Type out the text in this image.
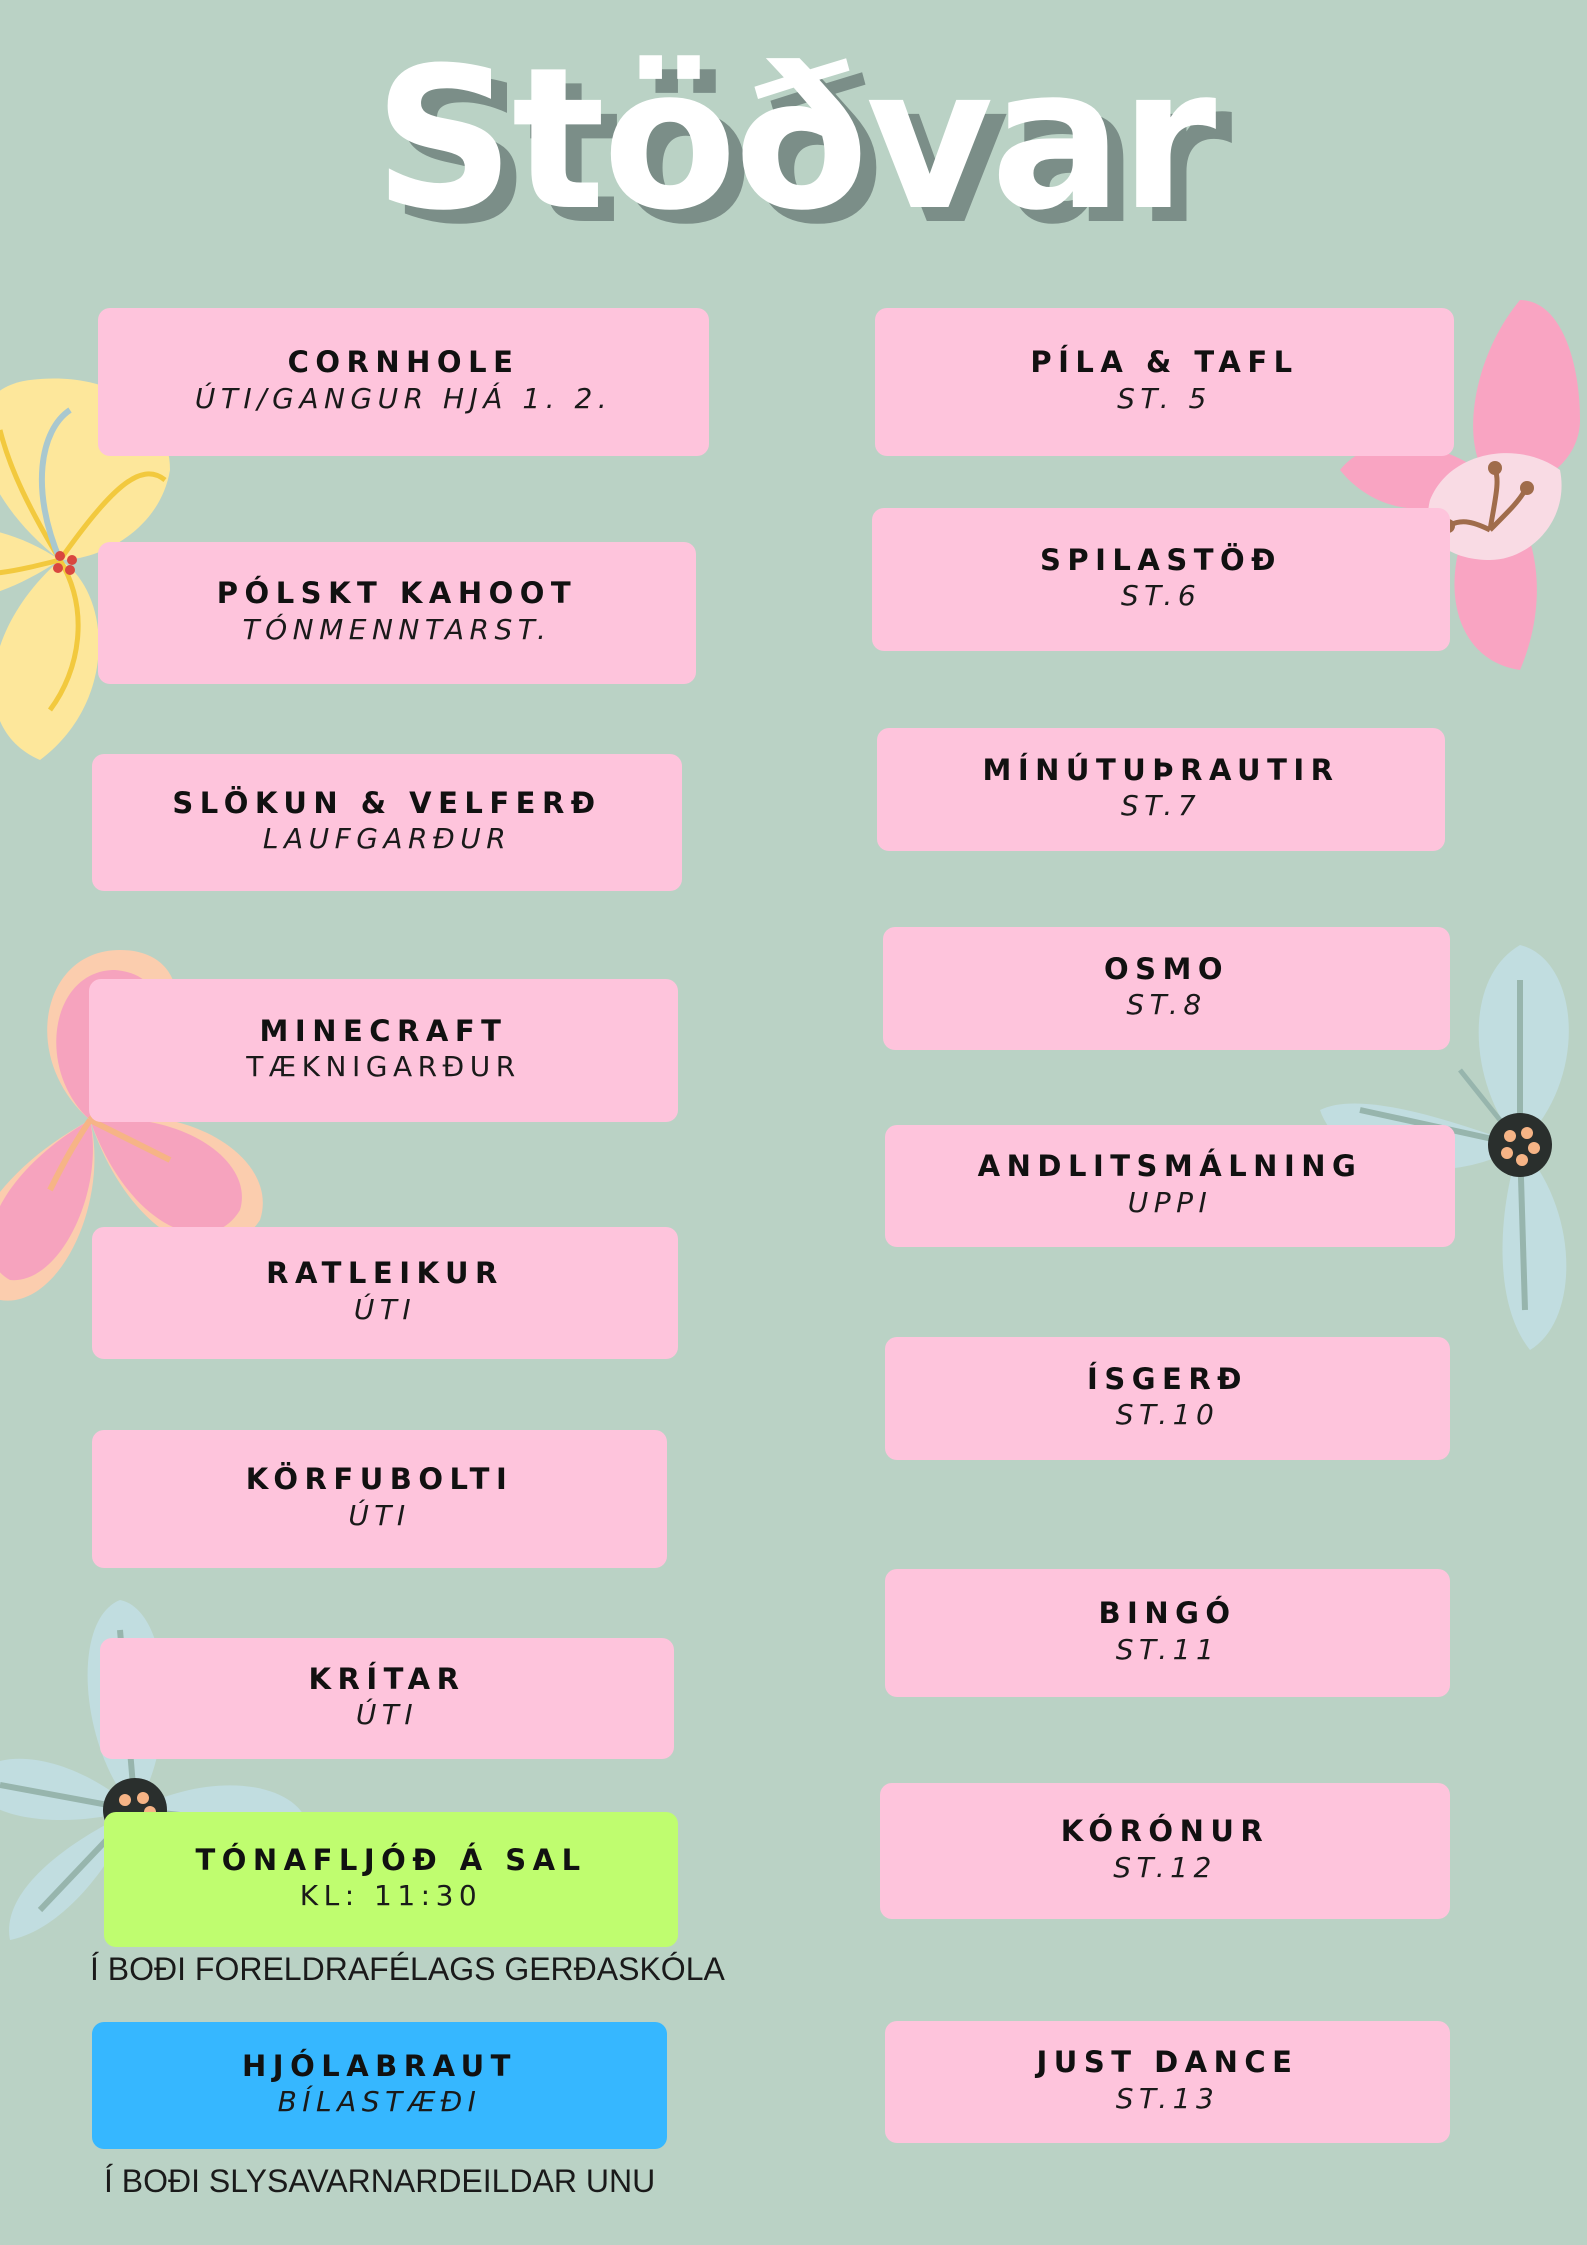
Stöðvar
CORNHOLE
ÚTI/GANGUR HJÁ 1. 2.
PÓLSKT KAHOOT
TÓNMENNTARST.
SLÖKUN & VELFERÐ
LAUFGARÐUR
MINECRAFT
TÆKNIGARÐUR
RATLEIKUR
ÚTI
KÖRFUBOLTI
ÚTI
KRÍTAR
ÚTI
TÓNAFLJÓÐ Á SAL
KL: 11:30
Í BOÐI FORELDRAFÉLAGS GERÐASKÓLA
HJÓLABRAUT
BÍLASTÆÐI
Í BOÐI SLYSAVARNARDEILDAR UNU
PÍLA & TAFL
ST. 5
SPILASTÖÐ
ST.6
MÍNÚTUÞRAUTIR
ST.7
OSMO
ST.8
ANDLITSMÁLNING
UPPI
ÍSGERÐ
ST.10
BINGÓ
ST.11
KÓRÓNUR
ST.12
JUST DANCE
ST.13
